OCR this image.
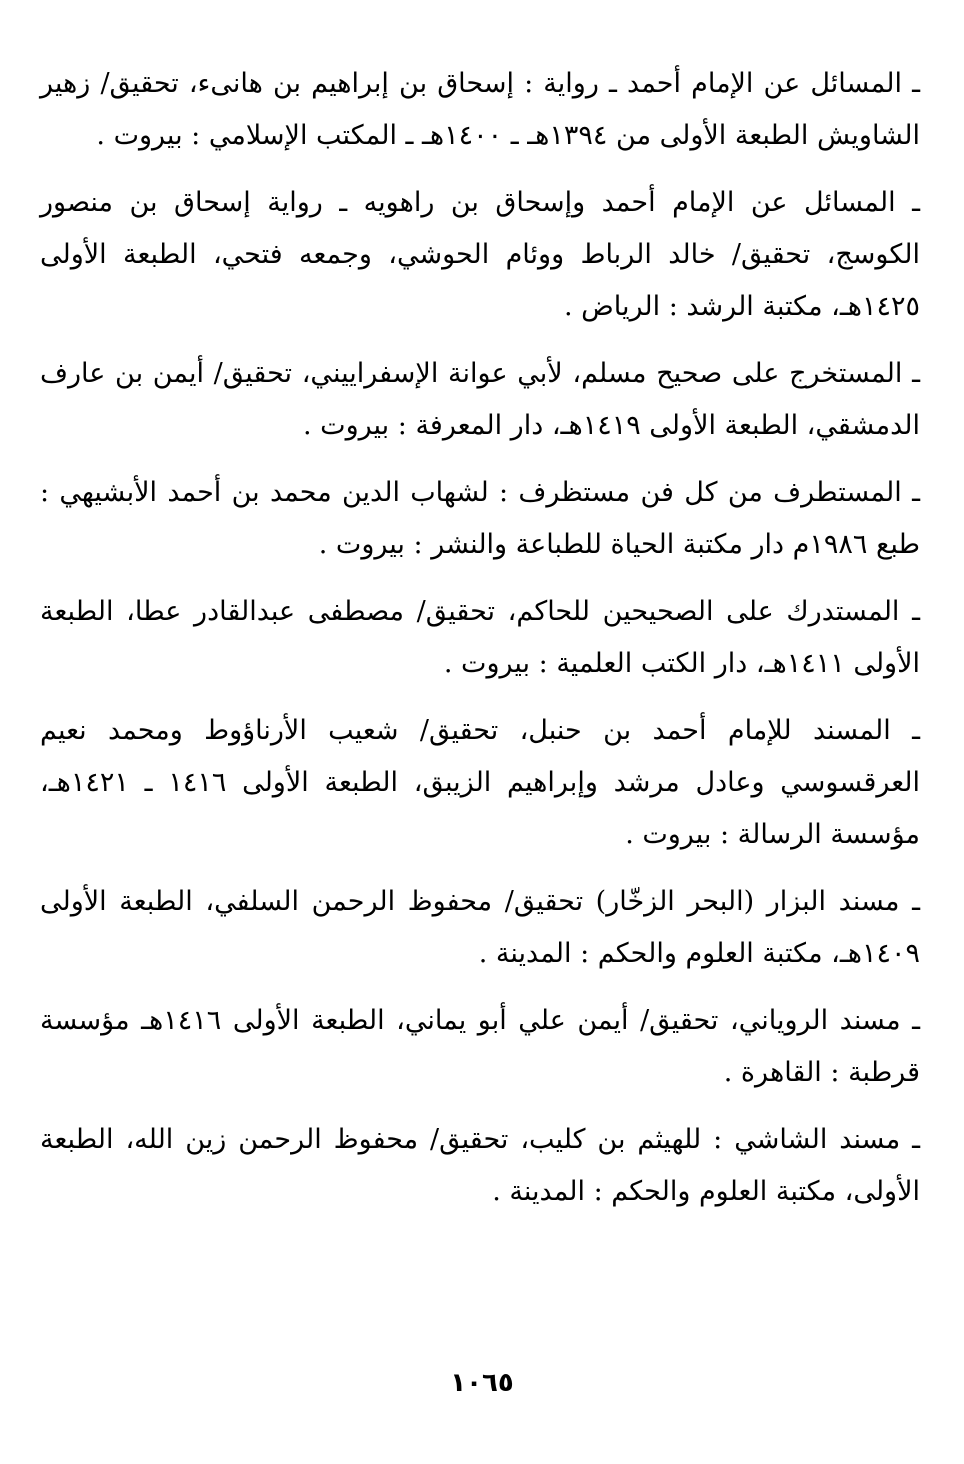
ـ المسائل عن الإمام أحمد ـ رواية : إسحاق بن إبراهيم بن هانىء، تحقيق/ زهير الشاويش الطبعة الأولى من ١٣٩٤هـ ـ ١٤٠٠هـ ـ المكتب الإسلامي : بيروت .

ـ المسائل عن الإمام أحمد وإسحاق بن راهويه ـ رواية إسحاق بن منصور الكوسج، تحقيق/ خالد الرباط ووئام الحوشي، وجمعه فتحي، الطبعة الأولى ١٤٢٥هـ، مكتبة الرشد : الرياض .

ـ المستخرج على صحيح مسلم، لأبي عوانة الإسفراييني، تحقيق/ أيمن بن عارف الدمشقي، الطبعة الأولى ١٤١٩هـ، دار المعرفة : بيروت .

ـ المستطرف من كل فن مستظرف : لشهاب الدين محمد بن أحمد الأبشيهي : طبع ١٩٨٦م دار مكتبة الحياة للطباعة والنشر : بيروت .

ـ المستدرك على الصحيحين للحاكم، تحقيق/ مصطفى عبدالقادر عطا، الطبعة الأولى ١٤١١هـ، دار الكتب العلمية : بيروت .

ـ المسند للإمام أحمد بن حنبل، تحقيق/ شعيب الأرناؤوط ومحمد نعيم العرقسوسي وعادل مرشد وإبراهيم الزيبق، الطبعة الأولى ١٤١٦ ـ ١٤٢١هـ، مؤسسة الرسالة : بيروت .

ـ مسند البزار (البحر الزخّار) تحقيق/ محفوظ الرحمن السلفي، الطبعة الأولى ١٤٠٩هـ، مكتبة العلوم والحكم : المدينة .

ـ مسند الروياني، تحقيق/ أيمن علي أبو يماني، الطبعة الأولى ١٤١٦هـ مؤسسة قرطبة : القاهرة .

ـ مسند الشاشي : للهيثم بن كليب، تحقيق/ محفوظ الرحمن زين الله، الطبعة الأولى، مكتبة العلوم والحكم : المدينة .

١٠٦٥
